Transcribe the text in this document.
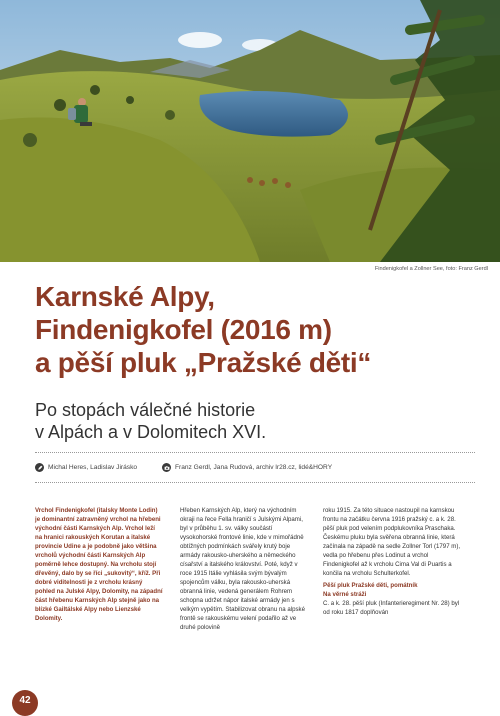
Findenigkofel a Zollner See, foto: Franz Gerdl
Karnské Alpy,
Findenigkofel (2016 m)
a pěší pluk „Pražské děti“
Po stopách válečné historie
v Alpách a v Dolomitech XVI.
Michal Heres, Ladislav Jirásko	Franz Gerdl, Jana Rudová, archiv lr28.cz, lidé&HORY

Vrchol Findenigkofel (italsky Monte Lodin) je dominantní zatravněný vrchol na hřebeni východní části Karnských Alp. Vrchol leží na hranici rakouských Korutan a italské provincie Udine a je podobně jako většina vrcholů východní části Karnských Alp poměrně lehce dostupný. Na vrcholu stojí dřevěný, dalo by se říci „sukovitý“, kříž. Při dobré viditelnosti je z vrcholu krásný pohled na Julské Alpy, Dolomity, na západní část hřebenu Karnských Alp stejně jako na blízké Gailtálské Alpy nebo Lienzské Dolomity.

Hřeben Karnských Alp, který na východním okraji na řece Fella hraničí s Julskými Alpami, byl v průběhu 1. sv. války součástí vysokohorské frontové linie, kde v mimořádně obtížných podmínkách svářely krutý boje armády rakousko-uherského a německého císařství a italského království. Poté, když v roce 1915 Itálie vyhlásila svým bývalým spojencům válku, byla rakousko-uherská obranná linie, vedená generálem Rohrem schopna udržet nápor italské armády jen s velkým vypětím. Stabilizovat obranu na alpské frontě se rakouskému velení podařilo až ve druhé polovině

roku 1915. Za této situace nastoupil na karnskou frontu na začátku června 1916 pražský c. a k. 28. pěší pluk pod velením podplukovníka Praschaka. Českému pluku byla svěřena obranná linie, která začínala na západě na sedle Zollner Torl (1797 m), vedla po hřebenu přes Lodinut a vrchol Findenigkofel až k vrcholu Cima Val di Puartis a končila na vrcholu Schulterkofel.

Pěší pluk Pražské děti, pomátník

Na věrné stráži

C. a k. 28. pěší pluk (Infanterieregiment Nr. 28) byl od roku 1817 doplňován

42
